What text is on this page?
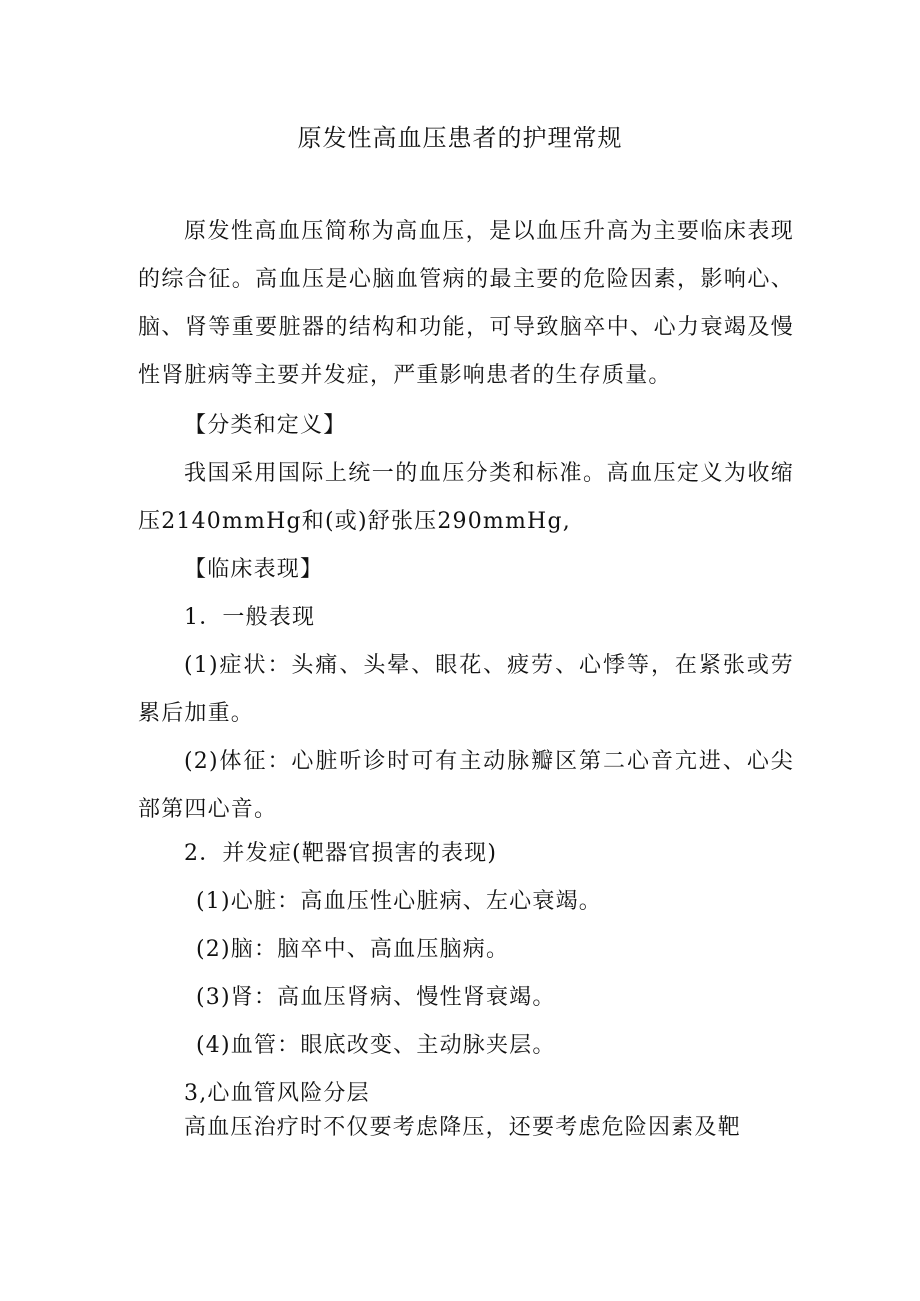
原发性高血压患者的护理常规
原发性高血压简称为高血压，是以血压升高为主要临床表现的综合征。高血压是心脑血管病的最主要的危险因素，影响心、脑、肾等重要脏器的结构和功能，可导致脑卒中、心力衰竭及慢性肾脏病等主要并发症，严重影响患者的生存质量。
【分类和定义】
我国采用国际上统一的血压分类和标准。高血压定义为收缩压2140mmHg和(或)舒张压290mmHg,
【临床表现】
1．一般表现
(1)症状：头痛、头晕、眼花、疲劳、心悸等，在紧张或劳累后加重。
(2)体征：心脏听诊时可有主动脉瓣区第二心音亢进、心尖部第四心音。
2．并发症(靶器官损害的表现)
(1)心脏：高血压性心脏病、左心衰竭。
(2)脑：脑卒中、高血压脑病。
(3)肾：高血压肾病、慢性肾衰竭。
(4)血管：眼底改变、主动脉夹层。
3,心血管风险分层
高血压治疗时不仅要考虑降压，还要考虑危险因素及靶
